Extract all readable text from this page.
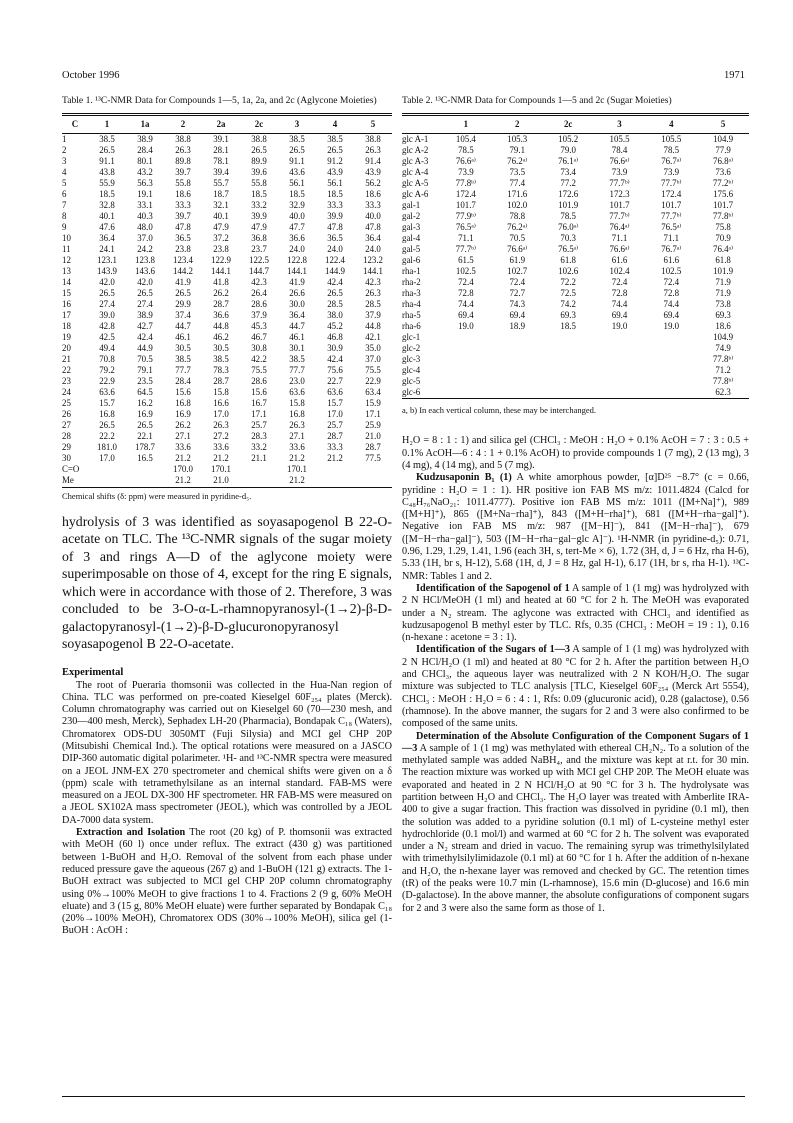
October 1996	1971

Table 1. ¹³C-NMR Data for Compounds 1—5, 1a, 2a, and 2c (Aglycone Moieties)

C	1	1a	2	2a	2c	3	4	5
1	38.5	38.9	38.8	39.1	38.8	38.5	38.5	38.8
2	26.5	28.4	26.3	28.1	26.5	26.5	26.5	26.3
3	91.1	80.1	89.8	78.1	89.9	91.1	91.2	91.4
4	43.8	43.2	39.7	39.4	39.6	43.6	43.9	43.9
5	55.9	56.3	55.8	55.7	55.8	56.1	56.1	56.2
6	18.5	19.1	18.6	18.7	18.5	18.5	18.5	18.6
7	32.8	33.1	33.3	32.1	33.2	32.9	33.3	33.3
8	40.1	40.3	39.7	40.1	39.9	40.0	39.9	40.0
9	47.6	48.0	47.8	47.9	47.9	47.7	47.8	47.8
10	36.4	37.0	36.5	37.2	36.8	36.6	36.5	36.4
11	24.1	24.2	23.8	23.8	23.7	24.0	24.0	24.0
12	123.1	123.8	123.4	122.9	122.5	122.8	122.4	123.2
13	143.9	143.6	144.2	144.1	144.7	144.1	144.9	144.1
14	42.0	42.0	41.9	41.8	42.3	41.9	42.4	42.3
15	26.5	26.5	26.5	26.2	26.4	26.6	26.5	26.3
16	27.4	27.4	29.9	28.7	28.6	30.0	28.5	28.5
17	39.0	38.9	37.4	36.6	37.9	36.4	38.0	37.9
18	42.8	42.7	44.7	44.8	45.3	44.7	45.2	44.8
19	42.5	42.4	46.1	46.2	46.7	46.1	46.8	42.1
20	49.4	44.9	30.5	30.5	30.8	30.1	30.9	35.0
21	70.8	70.5	38.5	38.5	42.2	38.5	42.4	37.0
22	79.2	79.1	77.7	78.3	75.5	77.7	75.6	75.5
23	22.9	23.5	28.4	28.7	28.6	23.0	22.7	22.9
24	63.6	64.5	15.6	15.8	15.6	63.6	63.6	63.4
25	15.7	16.2	16.8	16.6	16.7	15.8	15.7	15.9
26	16.8	16.9	16.9	17.0	17.1	16.8	17.0	17.1
27	26.5	26.5	26.2	26.3	25.7	26.3	25.7	25.9
28	22.2	22.1	27.1	27.2	28.3	27.1	28.7	21.0
29	181.0	178.7	33.6	33.6	33.2	33.6	33.3	28.7
30	17.0	16.5	21.2	21.2	21.1	21.2	21.2	77.5
C=O			170.0	170.1		170.1		
Me			21.2	21.0		21.2		
Chemical shifts (δ: ppm) were measured in pyridine-d₅.

hydrolysis of 3 was identified as soyasapogenol B 22-O-acetate on TLC. The ¹³C-NMR signals of the sugar moiety of 3 and rings A—D of the aglycone moiety were superimposable on those of 4, except for the ring E signals, which were in accordance with those of 2. Therefore, 3 was concluded to be 3-O-α-L-rhamnopyranosyl-(1→2)-β-D-galactopyranosyl-(1→2)-β-D-glucuronopyranosyl soyasapogenol B 22-O-acetate.

Experimental

The root of Pueraria thomsonii was collected in the Hua-Nan region of China. TLC was performed on pre-coated Kieselgel 60F₂₅₄ plates (Merck). Column chromatography was carried out on Kieselgel 60 (70—230 mesh, and 230—400 mesh, Merck), Sephadex LH-20 (Pharmacia), Bondapak C₁₈ (Waters), Chromatorex ODS-DU 3050MT (Fuji Silysia) and MCI gel CHP 20P (Mitsubishi Chemical Ind.). The optical rotations were measured on a JASCO DIP-360 automatic digital polarimeter. ¹H- and ¹³C-NMR spectra were measured on a JEOL JNM-EX 270 spectrometer and chemical shifts were given on a δ (ppm) scale with tetramethylsilane as an internal standard. FAB-MS were measured on a JEOL DX-300 HF spectrometer. HR FAB-MS were measured on a JEOL SX102A mass spectrometer (JEOL), which was controlled by a JEOL DA-7000 data system.

Extraction and Isolation The root (20 kg) of P. thomsonii was extracted with MeOH (60 l) once under reflux. The extract (430 g) was partitioned between 1-BuOH and H₂O. Removal of the solvent from each phase under reduced pressure gave the aqueous (267 g) and 1-BuOH (121 g) extracts. The 1-BuOH extract was subjected to MCI gel CHP 20P column chromatography using 0%→100% MeOH to give fractions 1 to 4. Fractions 2 (9 g, 60% MeOH eluate) and 3 (15 g, 80% MeOH eluate) were further separated by Bondapak C₁₈ (20%→100% MeOH), Chromatorex ODS (30%→100% MeOH), silica gel (1-BuOH : AcOH :

Table 2. ¹³C-NMR Data for Compounds 1—5 and 2c (Sugar Moieties)

	1	2	2c	3	4	5
glc A-1	105.4	105.3	105.2	105.5	105.5	104.9
glc A-2	78.5	79.1	79.0	78.4	78.5	77.9
glc A-3	76.6ᵃ⁾	76.2ᵃ⁾	76.1ᵃ⁾	76.6ᵃ⁾	76.7ᵃ⁾	76.8ᵃ⁾
glc A-4	73.9	73.5	73.4	73.9	73.9	73.6
glc A-5	77.8ᵇ⁾	77.4	77.2	77.7ᵇ⁾	77.7ᵇ⁾	77.2ᵇ⁾
glc A-6	172.4	171.6	172.6	172.3	172.4	175.6
gal-1	101.7	102.0	101.9	101.7	101.7	101.7
gal-2	77.9ᵇ⁾	78.8	78.5	77.7ᵇ⁾	77.7ᵇ⁾	77.8ᵇ⁾
gal-3	76.5ᵃ⁾	76.2ᵃ⁾	76.0ᵃ⁾	76.4ᵃ⁾	76.5ᵃ⁾	75.8
gal-4	71.1	70.5	70.3	71.1	71.1	70.9
gal-5	77.7ᵇ⁾	76.6ᵃ⁾	76.5ᵃ⁾	76.6ᵃ⁾	76.7ᵃ⁾	76.4ᵃ⁾
gal-6	61.5	61.9	61.8	61.6	61.6	61.8
rha-1	102.5	102.7	102.6	102.4	102.5	101.9
rha-2	72.4	72.4	72.2	72.4	72.4	71.9
rha-3	72.8	72.7	72.5	72.8	72.8	71.9
rha-4	74.4	74.3	74.2	74.4	74.4	73.8
rha-5	69.4	69.4	69.3	69.4	69.4	69.3
rha-6	19.0	18.9	18.5	19.0	19.0	18.6
glc-1						104.9
glc-2						74.9
glc-3						77.8ᵇ⁾
glc-4						71.2
glc-5						77.8ᵇ⁾
glc-6						62.3
a, b) In each vertical column, these may be interchanged.

H₂O = 8 : 1 : 1) and silica gel (CHCl₃ : MeOH : H₂O + 0.1% AcOH = 7 : 3 : 0.5 + 0.1% AcOH—6 : 4 : 1 + 0.1% AcOH) to provide compounds 1 (7 mg), 2 (13 mg), 3 (4 mg), 4 (14 mg), and 5 (7 mg).

Kudzusaponin B₁ (1) A white amorphous powder, [α]D²⁵ −8.7° (c = 0.66, pyridine : H₂O = 1 : 1). HR positive ion FAB MS m/z: 1011.4824 (Calcd for C₄₈H₇₆NaO₂₁: 1011.4777). Positive ion FAB MS m/z: 1011 ([M+Na]⁺), 989 ([M+H]⁺), 865 ([M+Na−rha]⁺), 843 ([M+H−rha]⁺), 681 ([M+H−rha−gal]⁺). Negative ion FAB MS m/z: 987 ([M−H]⁻), 841 ([M−H−rha]⁻), 679 ([M−H−rha−gal]⁻), 503 ([M−H−rha−gal−glc A]⁻). ¹H-NMR (in pyridine-d₅): 0.71, 0.96, 1.29, 1.29, 1.41, 1.96 (each 3H, s, tert-Me × 6), 1.72 (3H, d, J = 6 Hz, rha H-6), 5.33 (1H, br s, H-12), 5.68 (1H, d, J = 8 Hz, gal H-1), 6.17 (1H, br s, rha H-1). ¹³C-NMR: Tables 1 and 2.

Identification of the Sapogenol of 1 A sample of 1 (1 mg) was hydrolyzed with 2 N HCl/MeOH (1 ml) and heated at 60 °C for 2 h. The MeOH was evaporated under a N₂ stream. The aglycone was extracted with CHCl₃ and identified as kudzusapogenol B methyl ester by TLC. Rfs, 0.35 (CHCl₃ : MeOH = 19 : 1), 0.16 (n-hexane : acetone = 3 : 1).

Identification of the Sugars of 1—3 A sample of 1 (1 mg) was hydrolyzed with 2 N HCl/H₂O (1 ml) and heated at 80 °C for 2 h. After the partition between H₂O and CHCl₃, the aqueous layer was neutralized with 2 N KOH/H₂O. The sugar mixture was subjected to TLC analysis [TLC, Kieselgel 60F₂₅₄ (Merck Art 5554), CHCl₃ : MeOH : H₂O = 6 : 4 : 1, Rfs: 0.09 (glucuronic acid), 0.28 (galactose), 0.56 (rhamnose). In the above manner, the sugars for 2 and 3 were also confirmed to be composed of the same units.

Determination of the Absolute Configuration of the Component Sugars of 1—3 A sample of 1 (1 mg) was methylated with ethereal CH₂N₂. To a solution of the methylated sample was added NaBH₄, and the mixture was kept at r.t. for 30 min. The reaction mixture was worked up with MCI gel CHP 20P. The MeOH eluate was evaporated and heated in 2 N HCl/H₂O at 90 °C for 3 h. The hydrolysate was partition between H₂O and CHCl₃. The H₂O layer was treated with Amberlite IRA-400 to give a sugar fraction. This fraction was dissolved in pyridine (0.1 ml), then the solution was added to a pyridine solution (0.1 ml) of L-cysteine methyl ester hydrochloride (0.1 mol/l) and warmed at 60 °C for 2 h. The solvent was evaporated under a N₂ stream and dried in vacuo. The remaining syrup was trimethylsilylated with trimethylsilylimidazole (0.1 ml) at 60 °C for 1 h. After the addition of n-hexane and H₂O, the n-hexane layer was removed and checked by GC. The retention times (tR) of the peaks were 10.7 min (L-rhamnose), 15.6 min (D-glucose) and 16.6 min (D-galactose). In the above manner, the absolute configurations of component sugars for 2 and 3 were also the same form as those of 1.
